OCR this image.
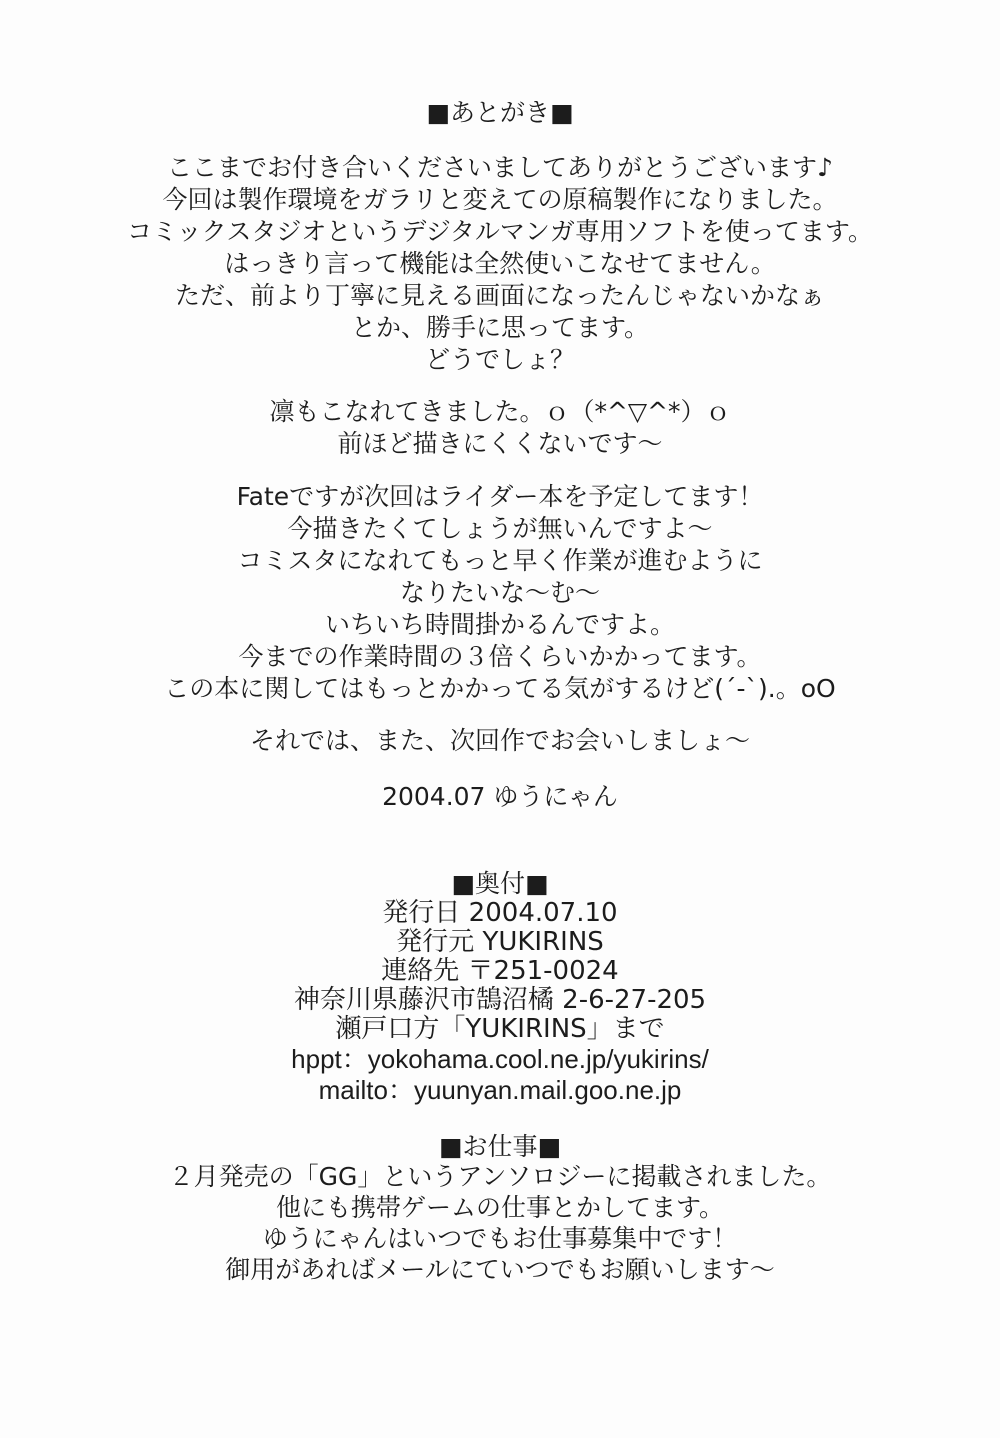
■あとがき■
ここまでお付き合いくださいましてありがとうございます♪
今回は製作環境をガラリと変えての原稿製作になりました。
コミックスタジオというデジタルマンガ専用ソフトを使ってます。
はっきり言って機能は全然使いこなせてません。
ただ、前より丁寧に見える画面になったんじゃないかなぁ
とか、勝手に思ってます。
どうでしょ？
凛もこなれてきました。ｏ（*^▽^*）ｏ
前ほど描きにくくないです～
Fateですが次回はライダー本を予定してます！
今描きたくてしょうが無いんですよ～
コミスタになれてもっと早く作業が進むように
なりたいな～む～
いちいち時間掛かるんですよ。
今までの作業時間の３倍くらいかかってます。
この本に関してはもっとかかってる気がするけど(´-`).。oO
それでは、また、次回作でお会いしましょ～
2004.07 ゆうにゃん
■奥付■
発行日 2004.07.10
発行元 YUKIRINS
連絡先 〒251-0024
神奈川県藤沢市鵠沼橘 2-6-27-205
瀬戸口方「YUKIRINS」まで
hppt：yokohama.cool.ne.jp/yukirins/
mailto：yuunyan.mail.goo.ne.jp
■お仕事■
２月発売の「GG」というアンソロジーに掲載されました。
他にも携帯ゲームの仕事とかしてます。
ゆうにゃんはいつでもお仕事募集中です！
御用があればメールにていつでもお願いします～
